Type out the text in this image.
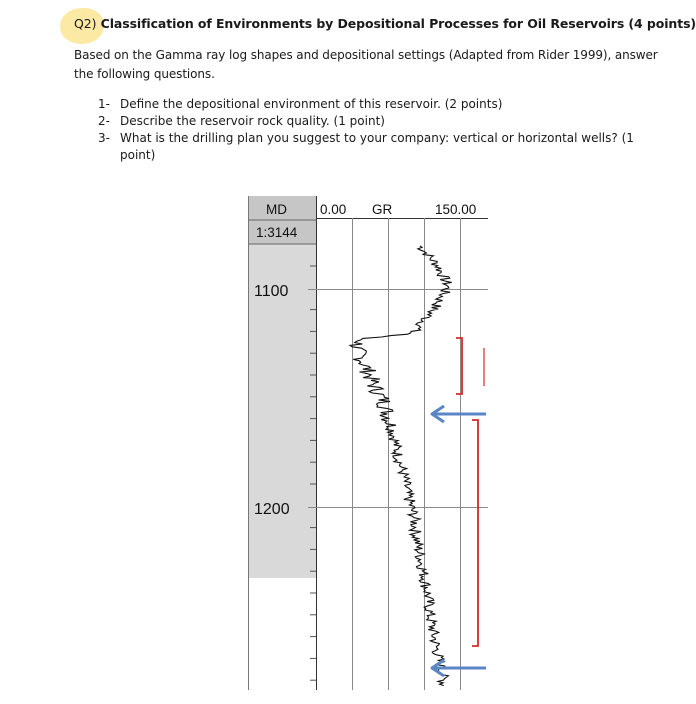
Q2) Classification of Environments by Depositional Processes for Oil Reservoirs (4 points)
Based on the Gamma ray log shapes and depositional settings (Adapted from Rider 1999), answer the following questions.
1- Define the depositional environment of this reservoir. (2 points)
2- Describe the reservoir rock quality. (1 point)
3- What is the drilling plan you suggest to your company: vertical or horizontal wells? (1 point)
MD
1:3144
1100
1200
0.00 GR	150.00
